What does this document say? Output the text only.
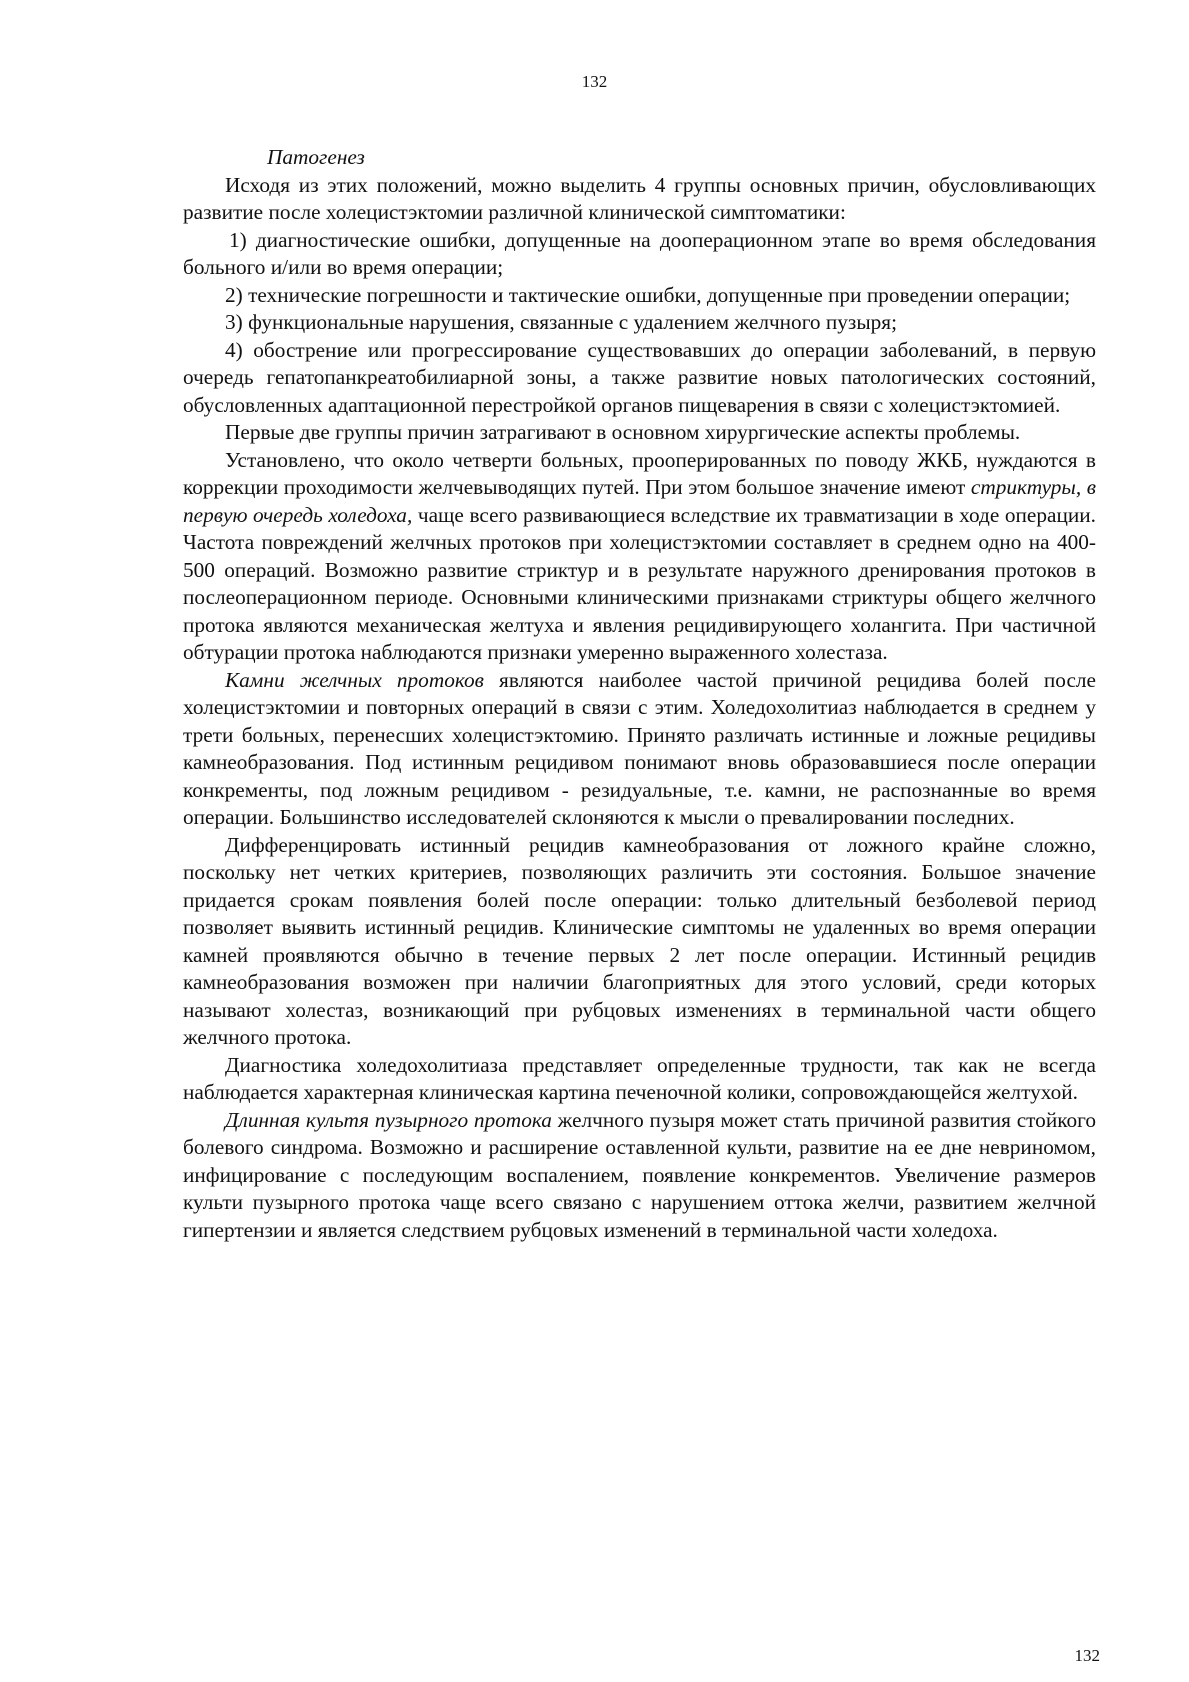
132

Патогенез

Исходя из этих положений, можно выделить 4 группы основных причин, обусловливающих развитие после холецистэктомии различной клинической симптоматики:

1) диагностические ошибки, допущенные на дооперационном этапе во время обследования больного и/или во время операции;

2) технические погрешности и тактические ошибки, допущенные при проведении операции;

3) функциональные нарушения, связанные с удалением желчного пузыря;

4) обострение или прогрессирование существовавших до операции заболеваний, в первую очередь гепатопанкреатобилиарной зоны, а также развитие новых патологических состояний, обусловленных адаптационной перестройкой органов пищеварения в связи с холецистэктомией.

Первые две группы причин затрагивают в основном хирургические аспекты проблемы.

Установлено, что около четверти больных, прооперированных по поводу ЖКБ, нуждаются в коррекции проходимости желчевыводящих путей. При этом большое значение имеют стриктуры, в первую очередь холедоха, чаще всего развивающиеся вследствие их травматизации в ходе операции. Частота повреждений желчных протоков при холецистэктомии составляет в среднем одно на 400-500 операций. Возможно развитие стриктур и в результате наружного дренирования протоков в послеоперационном периоде. Основными клиническими признаками стриктуры общего желчного протока являются механическая желтуха и явления рецидивирующего холангита. При частичной обтурации протока наблюдаются признаки умеренно выраженного холестаза.

Камни желчных протоков являются наиболее частой причиной рецидива болей после холецистэктомии и повторных операций в связи с этим. Холедохолитиаз наблюдается в среднем у трети больных, перенесших холецистэктомию. Принято различать истинные и ложные рецидивы камнеобразования. Под истинным рецидивом понимают вновь образовавшиеся после операции конкременты, под ложным рецидивом - резидуальные, т.е. камни, не распознанные во время операции. Большинство исследователей склоняются к мысли о превалировании последних.

Дифференцировать истинный рецидив камнеобразования от ложного крайне сложно, поскольку нет четких критериев, позволяющих различить эти состояния. Большое значение придается срокам появления болей после операции: только длительный безболевой период позволяет выявить истинный рецидив. Клинические симптомы не удаленных во время операции камней проявляются обычно в течение первых 2 лет после операции. Истинный рецидив камнеобразования возможен при наличии благоприятных для этого условий, среди которых называют холестаз, возникающий при рубцовых изменениях в терминальной части общего желчного протока.

Диагностика холедохолитиаза представляет определенные трудности, так как не всегда наблюдается характерная клиническая картина печеночной колики, сопровождающейся желтухой.

Длинная культя пузырного протока желчного пузыря может стать причиной развития стойкого болевого синдрома. Возможно и расширение оставленной культи, развитие на ее дне невриномом, инфицирование с последующим воспалением, появление конкрементов. Увеличение размеров культи пузырного протока чаще всего связано с нарушением оттока желчи, развитием желчной гипертензии и является следствием рубцовых изменений в терминальной части холедоха.

132
